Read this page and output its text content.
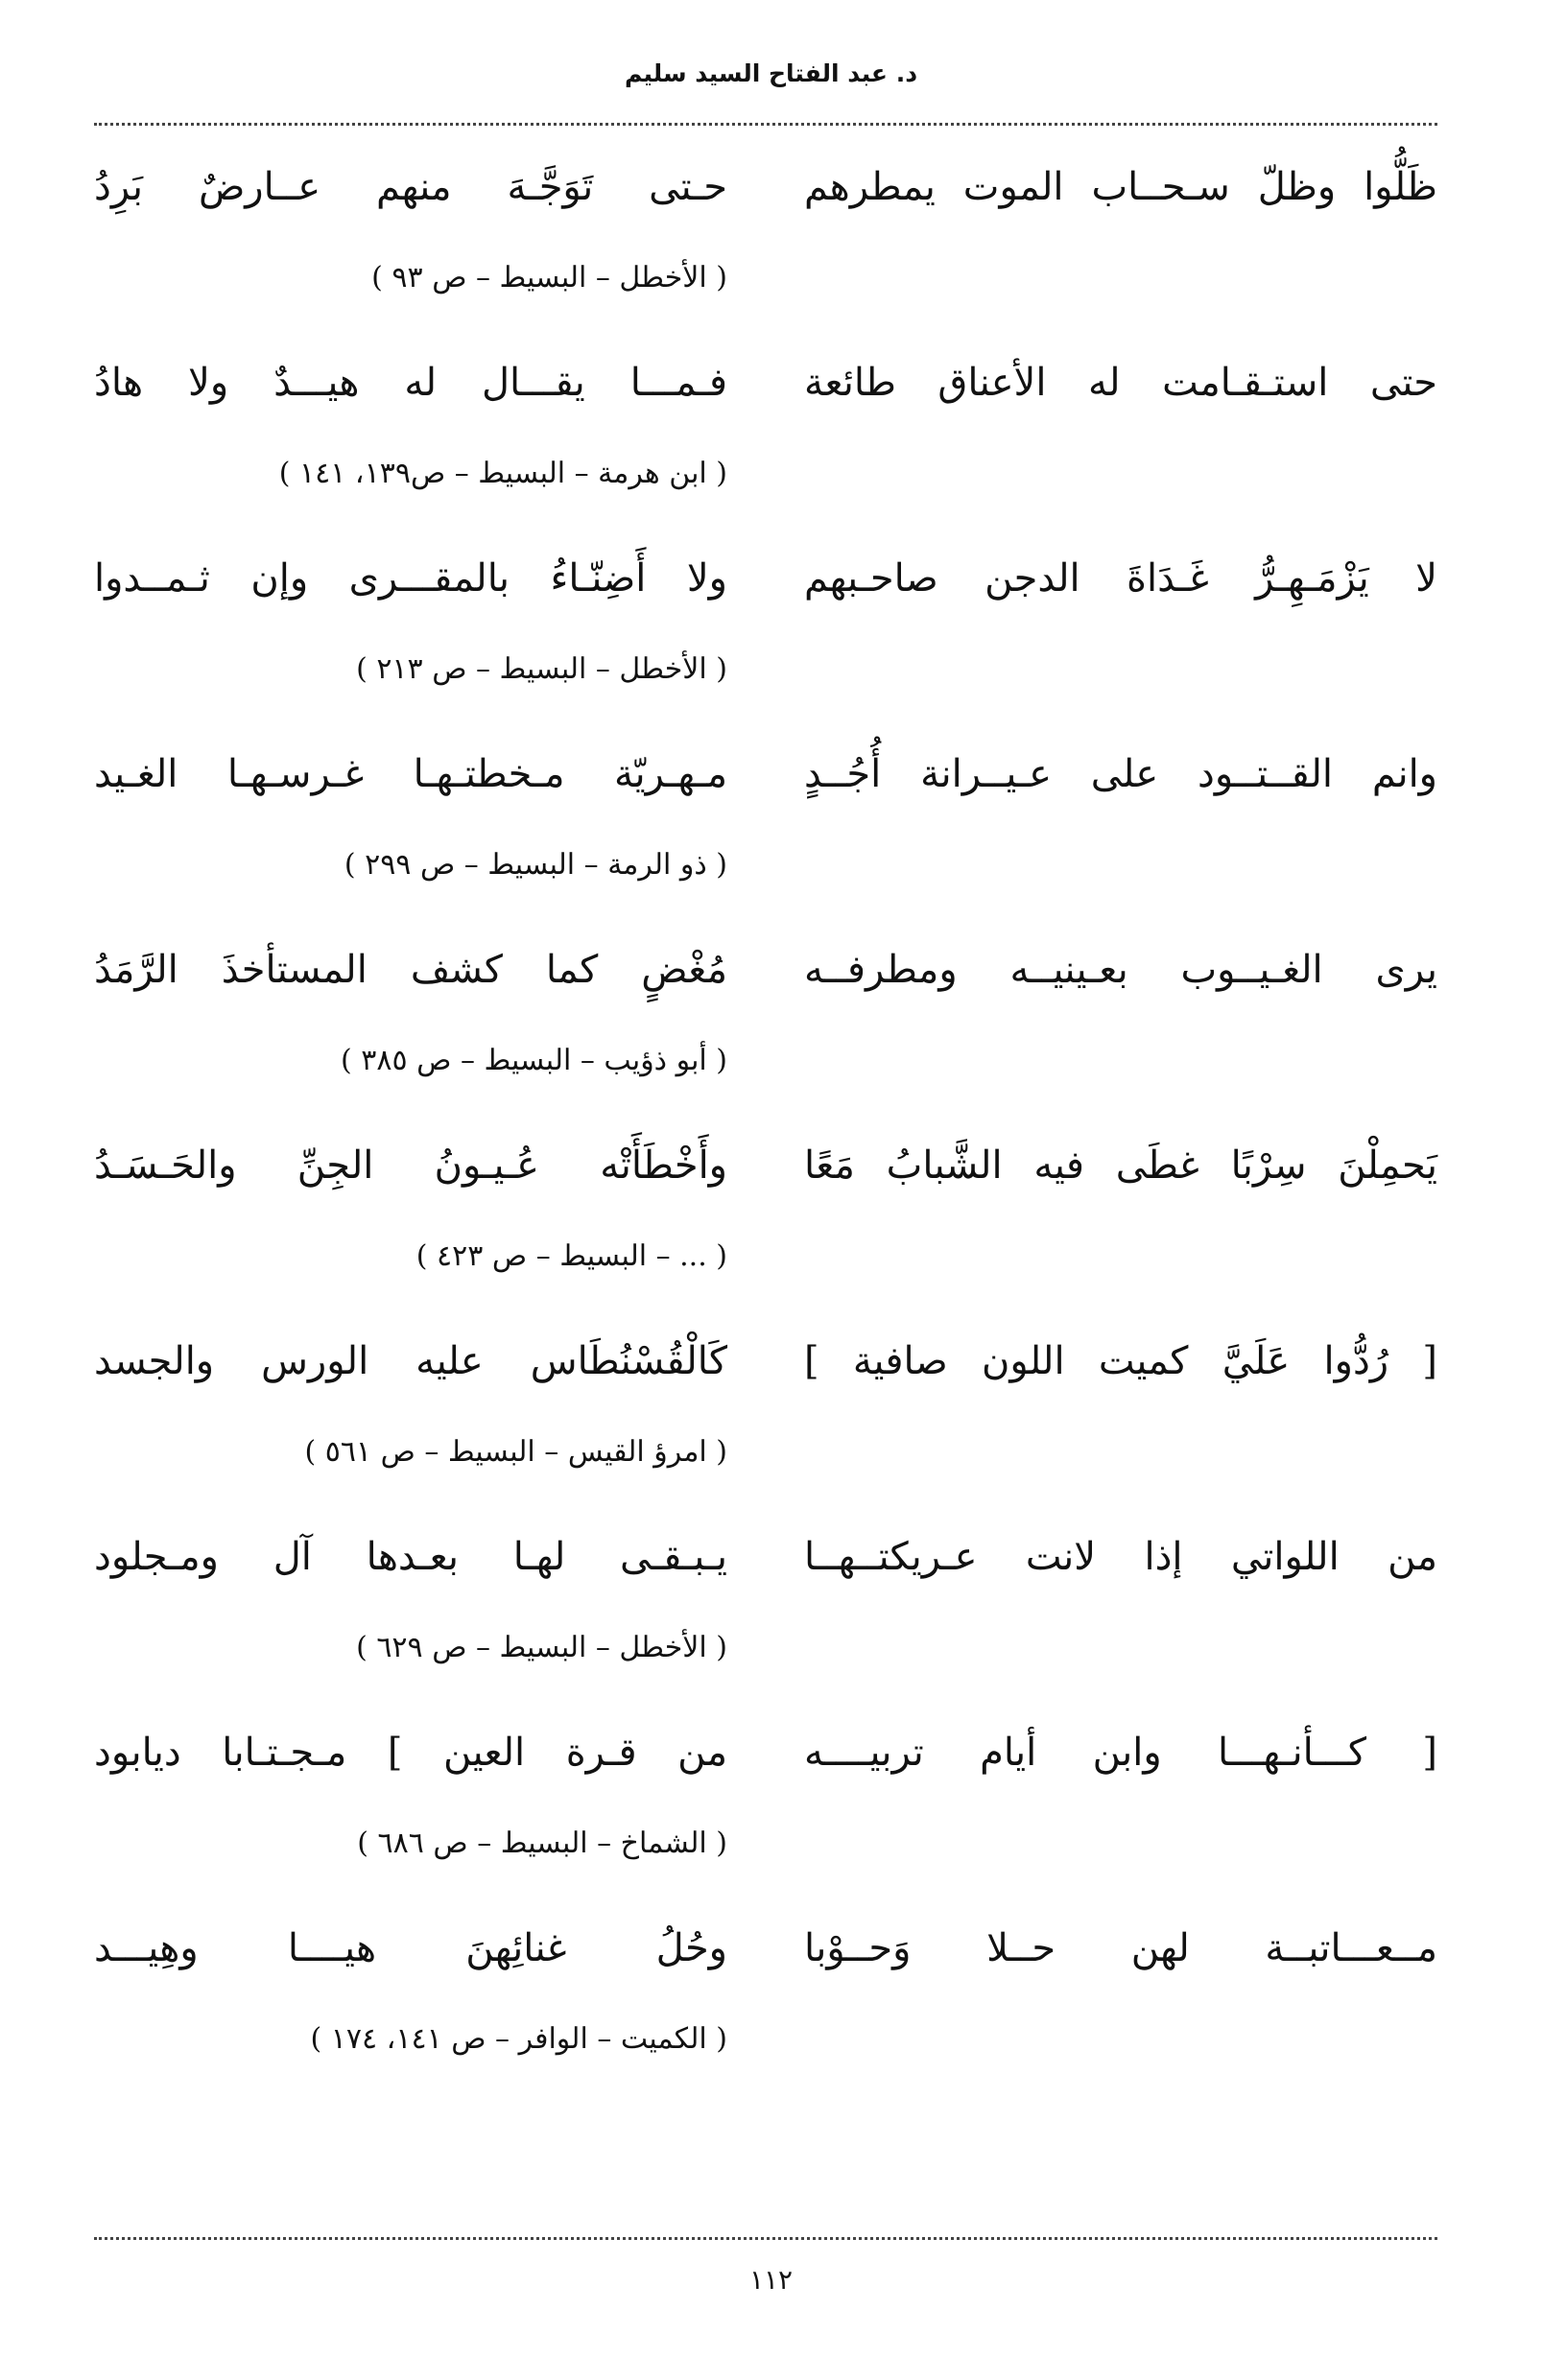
د. عبد الفتاح السيد سليم
ظَلُّوا وظلّ سـحــاب الموت يمطرهم
حـتى تَوَجَّـهَ منهم عــارضٌ بَرِدُ
( الأخطل – البسيط – ص ٩٣ )
حتى استـقـامت له الأعناق طائعة
فـمـــا يقـــال له هيـــدٌ ولا هادُ
( ابن هرمة – البسيط – ص١٣٩، ١٤١ )
لا يَزْمَـهِـرُّ غَـدَاةَ الدجن صاحـبهم
ولا أَضِنّـاءُ بالمقـــرى وإن ثـمــدوا
( الأخطل – البسيط – ص ٢١٣ )
وانم القــتــود على عـيــرانة أُجُــدٍ
مـهـريّة مـخطتـهـا غـرسـهـا الغـيد
( ذو الرمة – البسيط – ص ٢٩٩ )
يرى الغـيــوب بعـينيــه ومطرفــه
مُغْضٍ كما كشف المستأخذَ الرَّمَدُ
( أبو ذؤيب – البسيط – ص ٣٨٥ )
يَحمِلْنَ سِرْبًا غطَى فيه الشَّبابُ مَعًا
وأَخْطَأَتْه عُـيـونُ الجِنِّ والحَـسَـدُ
( ... – البسيط – ص ٤٢٣ )
[ رُدُّوا عَلَيَّ كميت اللون صافية ]
كَالْقُسْنُطَاس عليه الورس والجسد
( امرؤ القيس – البسيط – ص ٥٦١ )
من اللواتي إذا لانت عـريكتــهــا
يـبـقـى لهـا بعـدها آل ومـجلود
( الأخطل – البسيط – ص ٦٢٩ )
[ كـــأنـهـــا وابن أيام تربيــــه
من قـرة العين ] مـجـتـابا ديابود
( الشماخ – البسيط – ص ٦٨٦ )
مــعـــاتبــة لهن حــلا وَحــوْبا
وحُلُ غنائِهنَ هيــــا وهِيـــد
( الكميت – الوافر – ص ١٤١، ١٧٤ )
١١٢
